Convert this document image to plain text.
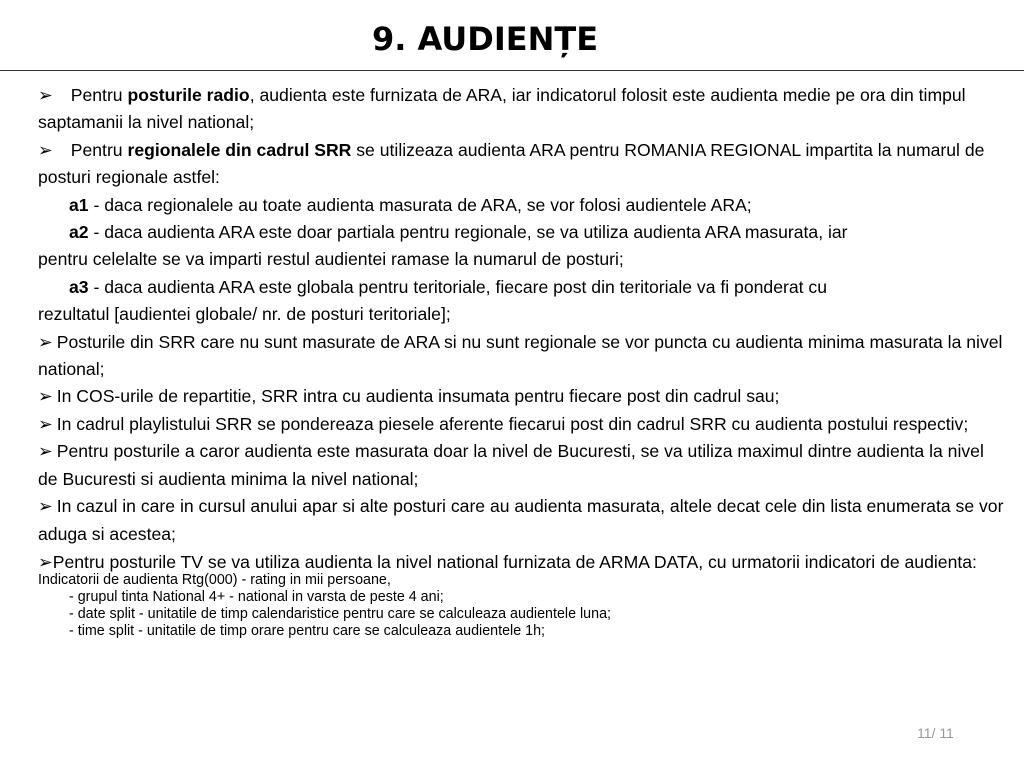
9. AUDIENȚE

➢ Pentru posturile radio, audienta este furnizata de ARA, iar indicatorul folosit este audienta medie pe ora din timpul saptamanii la nivel national;

➢ Pentru regionalele din cadrul SRR se utilizeaza audienta ARA pentru ROMANIA REGIONAL impartita la numarul de posturi regionale astfel:

a1 - daca regionalele au toate audienta masurata de ARA, se vor folosi audientele ARA;

a2 - daca audienta ARA este doar partiala pentru regionale, se va utiliza audienta ARA masurata, iar

pentru celelalte se va imparti restul audientei ramase la numarul de posturi;

a3 - daca audienta ARA este globala pentru teritoriale, fiecare post din teritoriale va fi ponderat cu

rezultatul [audientei globale/ nr. de posturi teritoriale];

➢ Posturile din SRR care nu sunt masurate de ARA si nu sunt regionale se vor puncta cu audienta minima masurata la nivel national;

➢ In COS-urile de repartitie, SRR intra cu audienta insumata pentru fiecare post din cadrul sau;

➢ In cadrul playlistului SRR se pondereaza piesele aferente fiecarui post din cadrul SRR cu audienta postului respectiv;

➢ Pentru posturile a caror audienta este masurata doar la nivel de Bucuresti, se va utiliza maximul dintre audienta la nivel de Bucuresti si audienta minima la nivel national;

➢ In cazul in care in cursul anului apar si alte posturi care au audienta masurata, altele decat cele din lista enumerata se vor aduga si acestea;

➢Pentru posturile TV se va utiliza audienta la nivel national furnizata de ARMA DATA, cu urmatorii indicatori de audienta:

Indicatorii de audienta Rtg(000) - rating in mii persoane,

- grupul tinta National 4+ - national in varsta de peste 4 ani;

- date split - unitatile de timp calendaristice pentru care se calculeaza audientele luna;

- time split - unitatile de timp orare pentru care se calculeaza audientele 1h;

11/ 11
